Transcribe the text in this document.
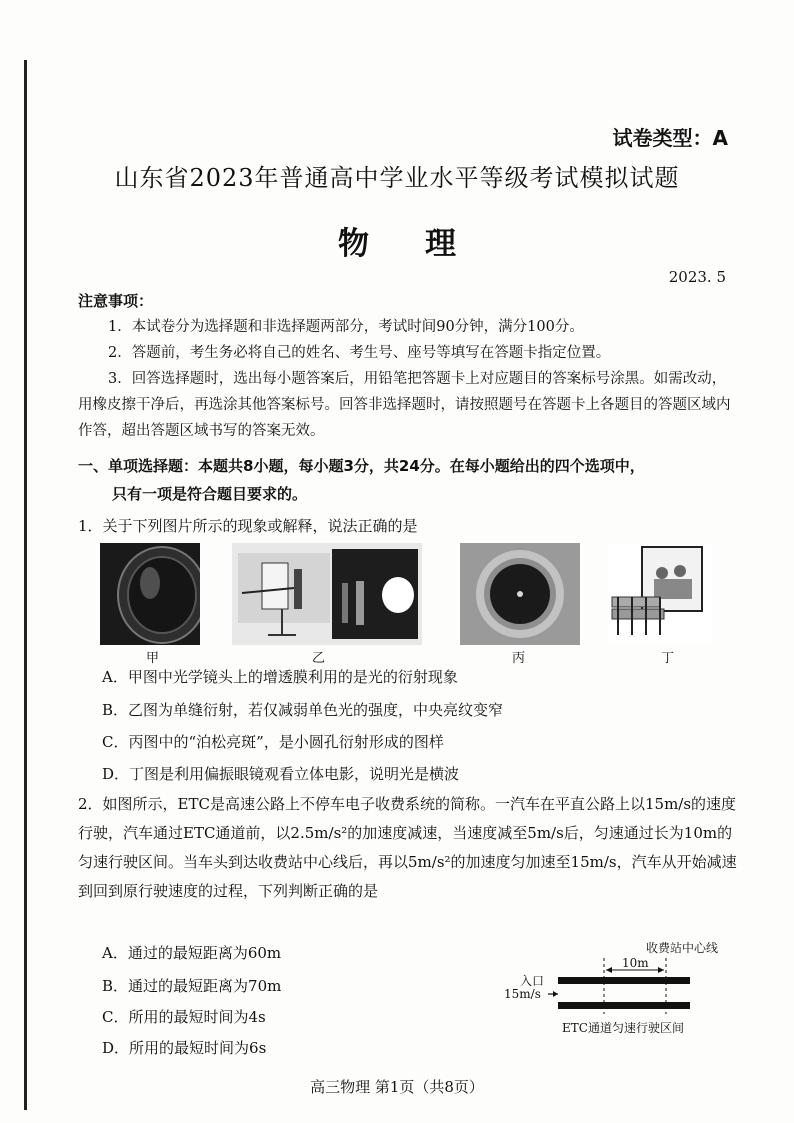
试卷类型：A
山东省2023年普通高中学业水平等级考试模拟试题
物 理
2023. 5
注意事项：
1．本试卷分为选择题和非选择题两部分，考试时间90分钟，满分100分。
2．答题前，考生务必将自己的姓名、考生号、座号等填写在答题卡指定位置。
3．回答选择题时，选出每小题答案后，用铅笔把答题卡上对应题目的答案标号涂黑。如需改动，用橡皮擦干净后，再选涂其他答案标号。回答非选择题时，请按照题号在答题卡上各题目的答题区域内作答，超出答题区域书写的答案无效。
一、单项选择题：本题共8小题，每小题3分，共24分。在每小题给出的四个选项中，
只有一项是符合题目要求的。
1．关于下列图片所示的现象或解释，说法正确的是
甲	乙	丙	丁
A．甲图中光学镜头上的增透膜利用的是光的衍射现象
B．乙图为单缝衍射，若仅减弱单色光的强度，中央亮纹变窄
C．丙图中的“泊松亮斑”，是小圆孔衍射形成的图样
D．丁图是利用偏振眼镜观看立体电影，说明光是横波
2．如图所示，ETC是高速公路上不停车电子收费系统的简称。一汽车在平直公路上以15m/s的速度行驶，汽车通过ETC通道前，以2.5m/s²的加速度减速，当速度减至5m/s后，匀速通过长为10m的匀速行驶区间。当车头到达收费站中心线后，再以5m/s²的加速度匀加速至15m/s，汽车从开始减速到回到原行驶速度的过程，下列判断正确的是
A．通过的最短距离为60m
B．通过的最短距离为70m
C．所用的最短时间为4s
D．所用的最短时间为6s
收费站中心线
10m
入口
15m/s
ETC通道匀速行驶区间
高三物理 第1页（共8页）
